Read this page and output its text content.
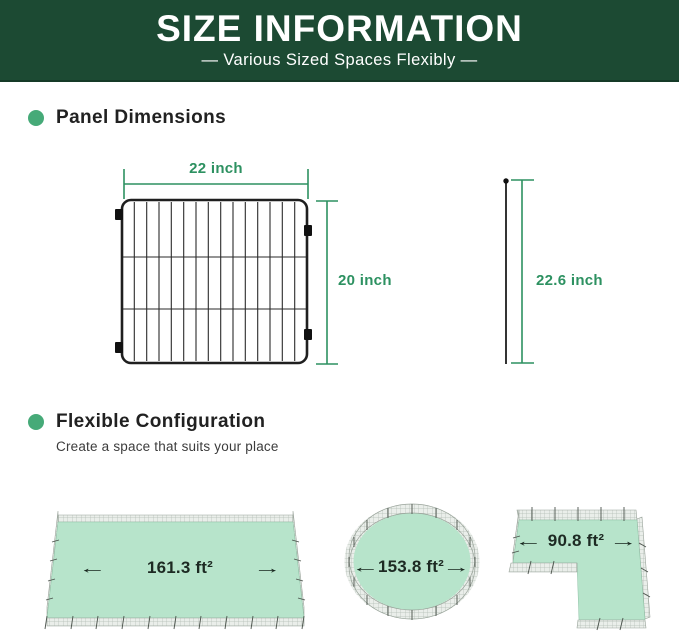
SIZE INFORMATION
— Various Sized Spaces Flexibly —
Panel Dimensions
22 inch
20 inch	22.6 inch
Flexible Configuration
Create a space that suits your place
← 161.3 ft²	→	←
153.8 ft²
→
← 90.8 ft² →
